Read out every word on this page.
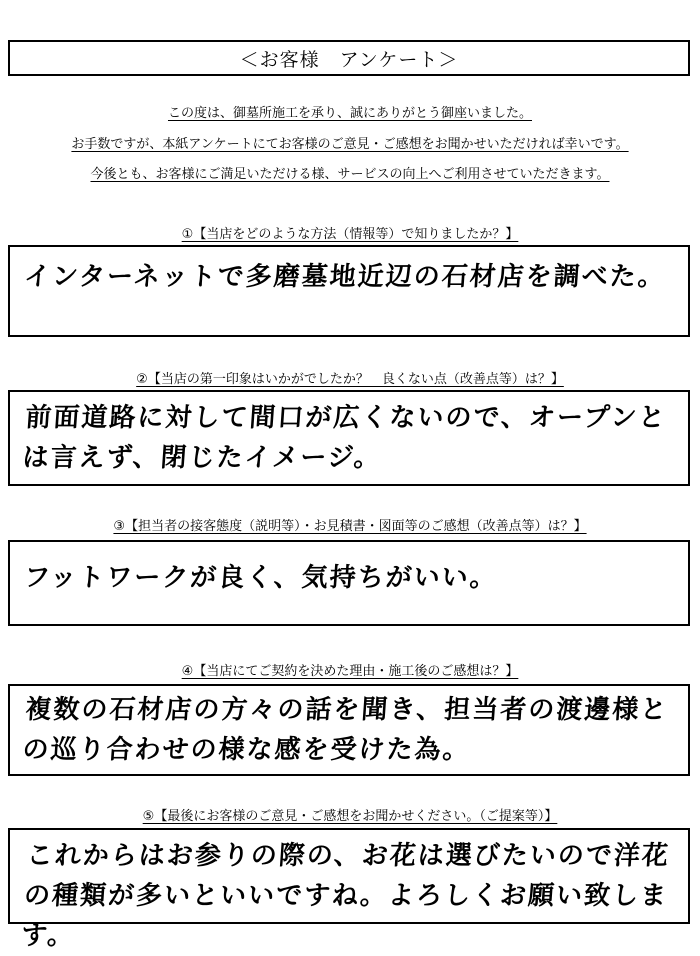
＜お客様　アンケート＞
この度は、御墓所施工を承り、誠にありがとう御座いました。
お手数ですが、本紙アンケートにてお客様のご意見・ご感想をお聞かせいただければ幸いです。
今後とも、お客様にご満足いただける様、サービスの向上へご利用させていただきます。
①【当店をどのような方法（情報等）で知りましたか？】
インターネットで多磨墓地近辺の石材店を調べた。
②【当店の第一印象はいかがでしたか？　良くない点（改善点等）は？】
前面道路に対して間口が広くないので、オープンとは言えず、閉じたイメージ。
③【担当者の接客態度（説明等）・お見積書・図面等のご感想（改善点等）は？】
フットワークが良く、気持ちがいい。
④【当店にてご契約を決めた理由・施工後のご感想は？】
複数の石材店の方々の話を聞き、担当者の渡邊様との巡り合わせの様な感を受けた為。
⑤【最後にお客様のご意見・ご感想をお聞かせください。（ご提案等）】
これからはお参りの際の、お花は選びたいので洋花の種類が多いといいですね。よろしくお願い致します。
